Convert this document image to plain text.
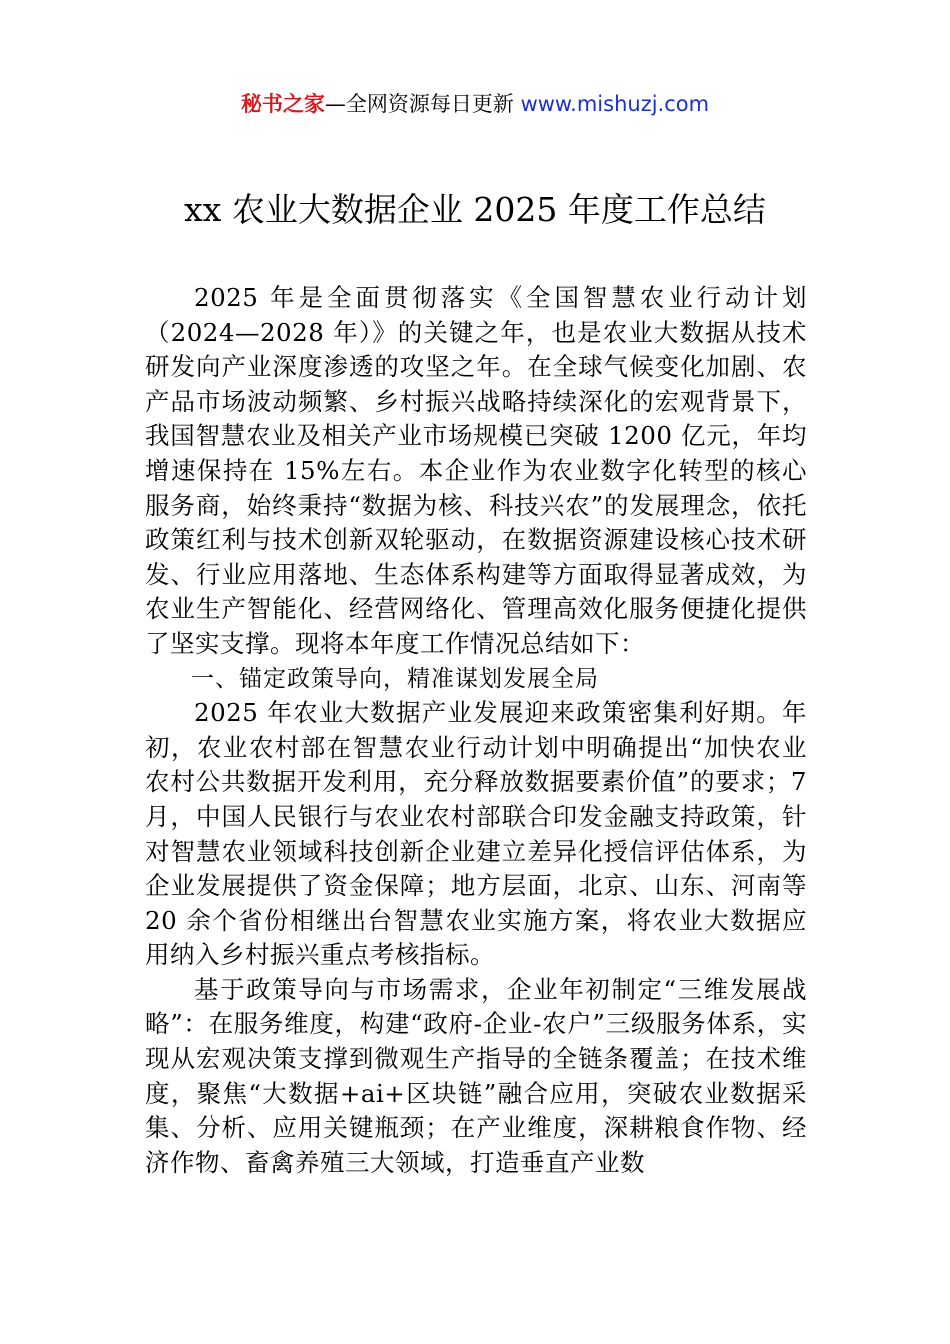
秘书之家—全网资源每日更新 www.mishuzj.com
xx 农业大数据企业 2025 年度工作总结

2025 年是全面贯彻落实《全国智慧农业行动计划（2024—2028 年）》的关键之年，也是农业大数据从技术研发向产业深度渗透的攻坚之年。在全球气候变化加剧、农产品市场波动频繁、乡村振兴战略持续深化的宏观背景下，我国智慧农业及相关产业市场规模已突破 1200 亿元，年均增速保持在 15%左右。本企业作为农业数字化转型的核心服务商，始终秉持“数据为核、科技兴农”的发展理念，依托政策红利与技术创新双轮驱动，在数据资源建设核心技术研发、行业应用落地、生态体系构建等方面取得显著成效，为农业生产智能化、经营网络化、管理高效化服务便捷化提供了坚实支撑。现将本年度工作情况总结如下：

一、锚定政策导向，精准谋划发展全局

2025 年农业大数据产业发展迎来政策密集利好期。年初，农业农村部在智慧农业行动计划中明确提出“加快农业农村公共数据开发利用，充分释放数据要素价值”的要求；7 月，中国人民银行与农业农村部联合印发金融支持政策，针对智慧农业领域科技创新企业建立差异化授信评估体系，为企业发展提供了资金保障；地方层面，北京、山东、河南等 20 余个省份相继出台智慧农业实施方案，将农业大数据应用纳入乡村振兴重点考核指标。

基于政策导向与市场需求，企业年初制定“三维发展战略”：在服务维度，构建“政府-企业-农户”三级服务体系，实现从宏观决策支撑到微观生产指导的全链条覆盖；在技术维度，聚焦“大数据+ai+区块链”融合应用，突破农业数据采集、分析、应用关键瓶颈；在产业维度，深耕粮食作物、经济作物、畜禽养殖三大领域，打造垂直产业数
